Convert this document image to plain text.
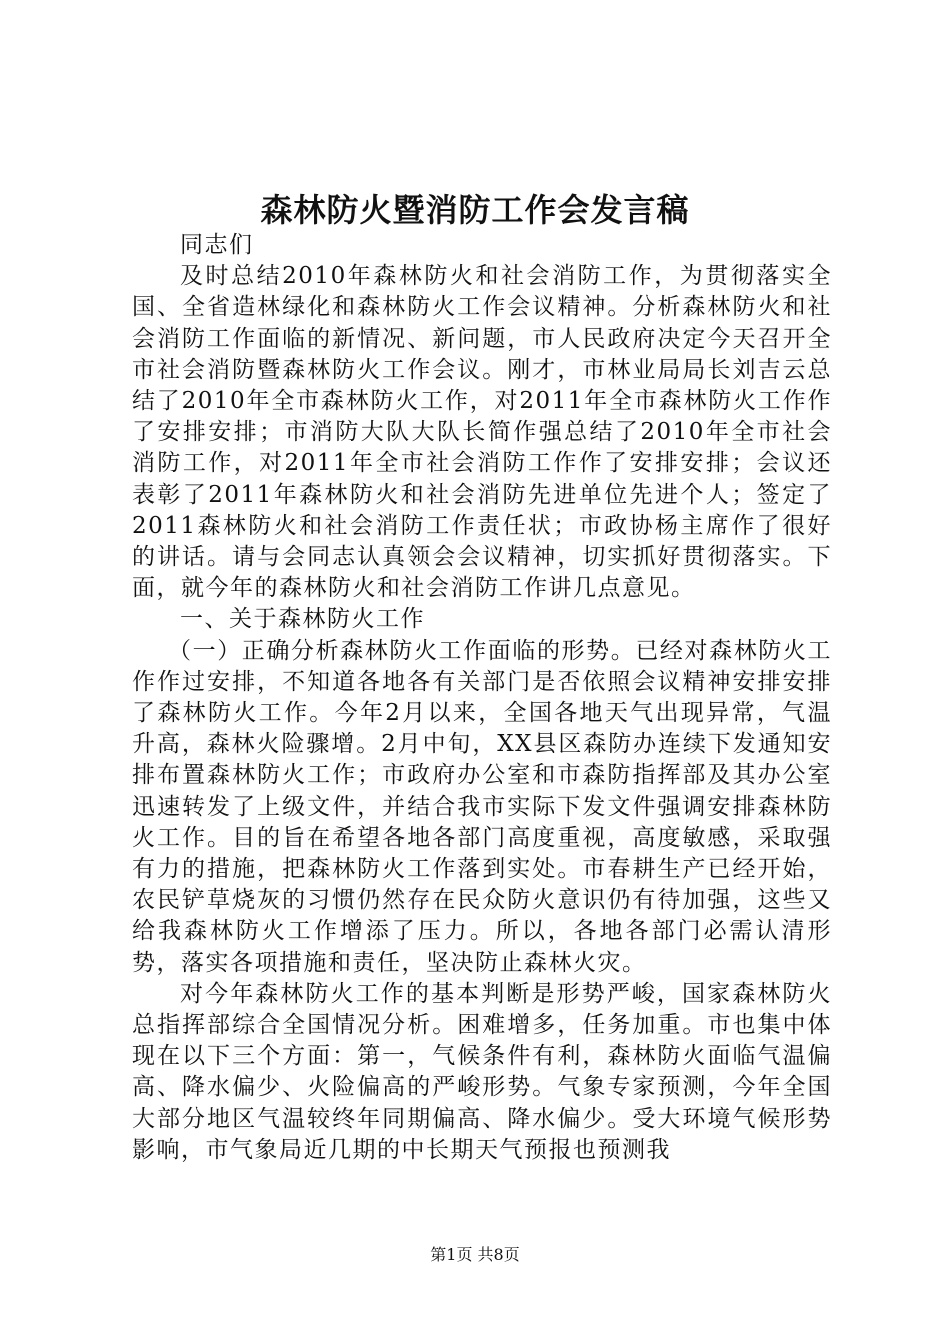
森林防火暨消防工作会发言稿

同志们

及时总结2010年森林防火和社会消防工作，为贯彻落实全国、全省造林绿化和森林防火工作会议精神。分析森林防火和社会消防工作面临的新情况、新问题，市人民政府决定今天召开全市社会消防暨森林防火工作会议。刚才，市林业局局长刘吉云总结了2010年全市森林防火工作，对2011年全市森林防火工作作了安排安排；市消防大队大队长简作强总结了2010年全市社会消防工作，对2011年全市社会消防工作作了安排安排；会议还表彰了2011年森林防火和社会消防先进单位先进个人；签定了2011森林防火和社会消防工作责任状；市政协杨主席作了很好的讲话。请与会同志认真领会会议精神，切实抓好贯彻落实。下面，就今年的森林防火和社会消防工作讲几点意见。

一、关于森林防火工作

（一）正确分析森林防火工作面临的形势。已经对森林防火工作作过安排，不知道各地各有关部门是否依照会议精神安排安排了森林防火工作。今年2月以来，全国各地天气出现异常，气温升高，森林火险骤增。2月中旬，XX县区森防办连续下发通知安排布置森林防火工作；市政府办公室和市森防指挥部及其办公室迅速转发了上级文件，并结合我市实际下发文件强调安排森林防火工作。目的旨在希望各地各部门高度重视，高度敏感，采取强有力的措施，把森林防火工作落到实处。市春耕生产已经开始，农民铲草烧灰的习惯仍然存在民众防火意识仍有待加强，这些又给我森林防火工作增添了压力。所以，各地各部门必需认清形势，落实各项措施和责任，坚决防止森林火灾。

对今年森林防火工作的基本判断是形势严峻，国家森林防火总指挥部综合全国情况分析。困难增多，任务加重。市也集中体现在以下三个方面：第一，气候条件有利，森林防火面临气温偏高、降水偏少、火险偏高的严峻形势。气象专家预测，今年全国大部分地区气温较终年同期偏高、降水偏少。受大环境气候形势影响，市气象局近几期的中长期天气预报也预测我

第1页 共8页
